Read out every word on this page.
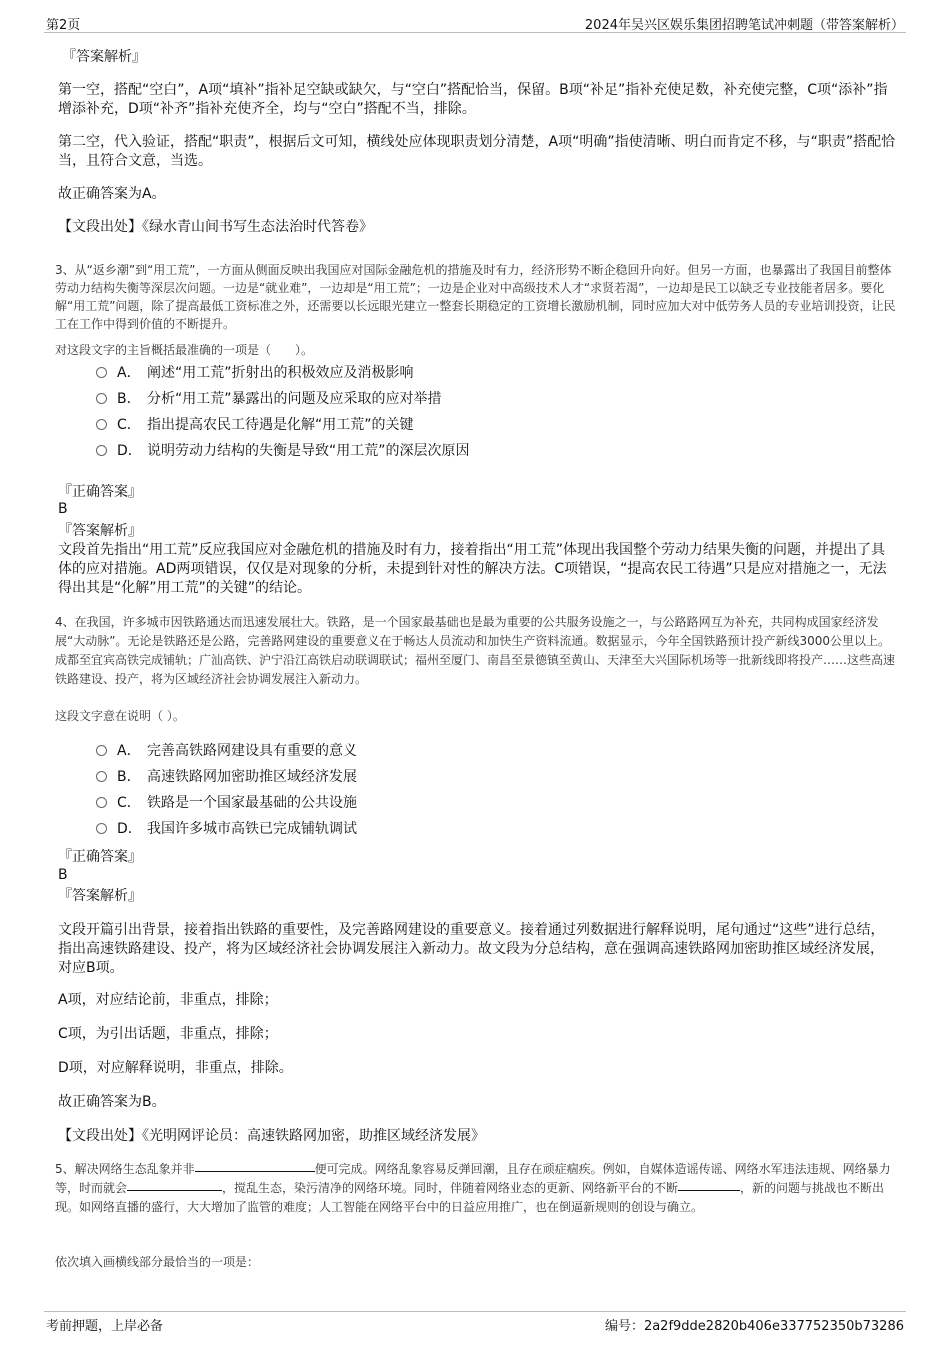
第2页	2024年吴兴区娱乐集团招聘笔试冲刺题（带答案解析）

『答案解析』

第一空，搭配“空白”，A项“填补”指补足空缺或缺欠，与“空白”搭配恰当，保留。B项“补足”指补充使足数，补充使完整，C项“添补”指增添补充，D项“补齐”指补充使齐全，均与“空白”搭配不当，排除。

第二空，代入验证，搭配“职责”，根据后文可知，横线处应体现职责划分清楚，A项“明确”指使清晰、明白而肯定不移，与“职责”搭配恰当，且符合文意，当选。

故正确答案为A。

【文段出处】《绿水青山间书写生态法治时代答卷》

3、从“返乡潮”到“用工荒”，一方面从侧面反映出我国应对国际金融危机的措施及时有力，经济形势不断企稳回升向好。但另一方面，也暴露出了我国目前整体劳动力结构失衡等深层次问题。一边是“就业难”，一边却是“用工荒”；一边是企业对中高级技术人才“求贤若渴”，一边却是民工以缺乏专业技能者居多。要化解“用工荒”问题，除了提高最低工资标准之外，还需要以长远眼光建立一整套长期稳定的工资增长激励机制，同时应加大对中低劳务人员的专业培训投资，让民工在工作中得到价值的不断提升。

对这段文字的主旨概括最准确的一项是（　　）。

A． 阐述“用工荒”折射出的积极效应及消极影响
B． 分析“用工荒”暴露出的问题及应采取的应对举措
C． 指出提高农民工待遇是化解“用工荒”的关键
D． 说明劳动力结构的失衡是导致“用工荒”的深层次原因

『正确答案』

B

『答案解析』

文段首先指出“用工荒”反应我国应对金融危机的措施及时有力，接着指出“用工荒”体现出我国整个劳动力结果失衡的问题，并提出了具体的应对措施。AD两项错误，仅仅是对现象的分析，未提到针对性的解决方法。C项错误，“提高农民工待遇”只是应对措施之一，无法得出其是“化解”用工荒”的关键”的结论。

4、在我国，许多城市因铁路通达而迅速发展壮大。铁路，是一个国家最基础也是最为重要的公共服务设施之一，与公路路网互为补充，共同构成国家经济发展“大动脉”。无论是铁路还是公路，完善路网建设的重要意义在于畅达人员流动和加快生产资料流通。数据显示，今年全国铁路预计投产新线3000公里以上。成都至宜宾高铁完成铺轨；广汕高铁、沪宁沿江高铁启动联调联试；福州至厦门、南昌至景德镇至黄山、天津至大兴国际机场等一批新线即将投产……这些高速铁路建设、投产，将为区域经济社会协调发展注入新动力。

这段文字意在说明（ ）。

A． 完善高铁路网建设具有重要的意义
B． 高速铁路网加密助推区域经济发展
C． 铁路是一个国家最基础的公共设施
D． 我国许多城市高铁已完成铺轨调试

『正确答案』

B

『答案解析』

文段开篇引出背景，接着指出铁路的重要性，及完善路网建设的重要意义。接着通过列数据进行解释说明，尾句通过“这些”进行总结，指出高速铁路建设、投产，将为区域经济社会协调发展注入新动力。故文段为分总结构，意在强调高速铁路网加密助推区域经济发展，对应B项。

A项，对应结论前，非重点，排除；

C项，为引出话题，非重点，排除；

D项，对应解释说明，非重点，排除。

故正确答案为B。

【文段出处】《光明网评论员：高速铁路网加密，助推区域经济发展》

5、解决网络生态乱象并非	便可完成。网络乱象容易反弹回潮，且存在顽症痼疾。例如，自媒体造谣传谣、网络水军违法违规、网络暴力等，时而就会	，搅乱生态，染污清净的网络环境。同时，伴随着网络业态的更新、网络新平台的不断	，新的问题与挑战也不断出现。如网络直播的盛行，大大增加了监管的难度；人工智能在网络平台中的日益应用推广，也在倒逼新规则的创设与确立。

依次填入画横线部分最恰当的一项是：

考前押题，上岸必备	编号：2a2f9dde2820b406e337752350b73286
